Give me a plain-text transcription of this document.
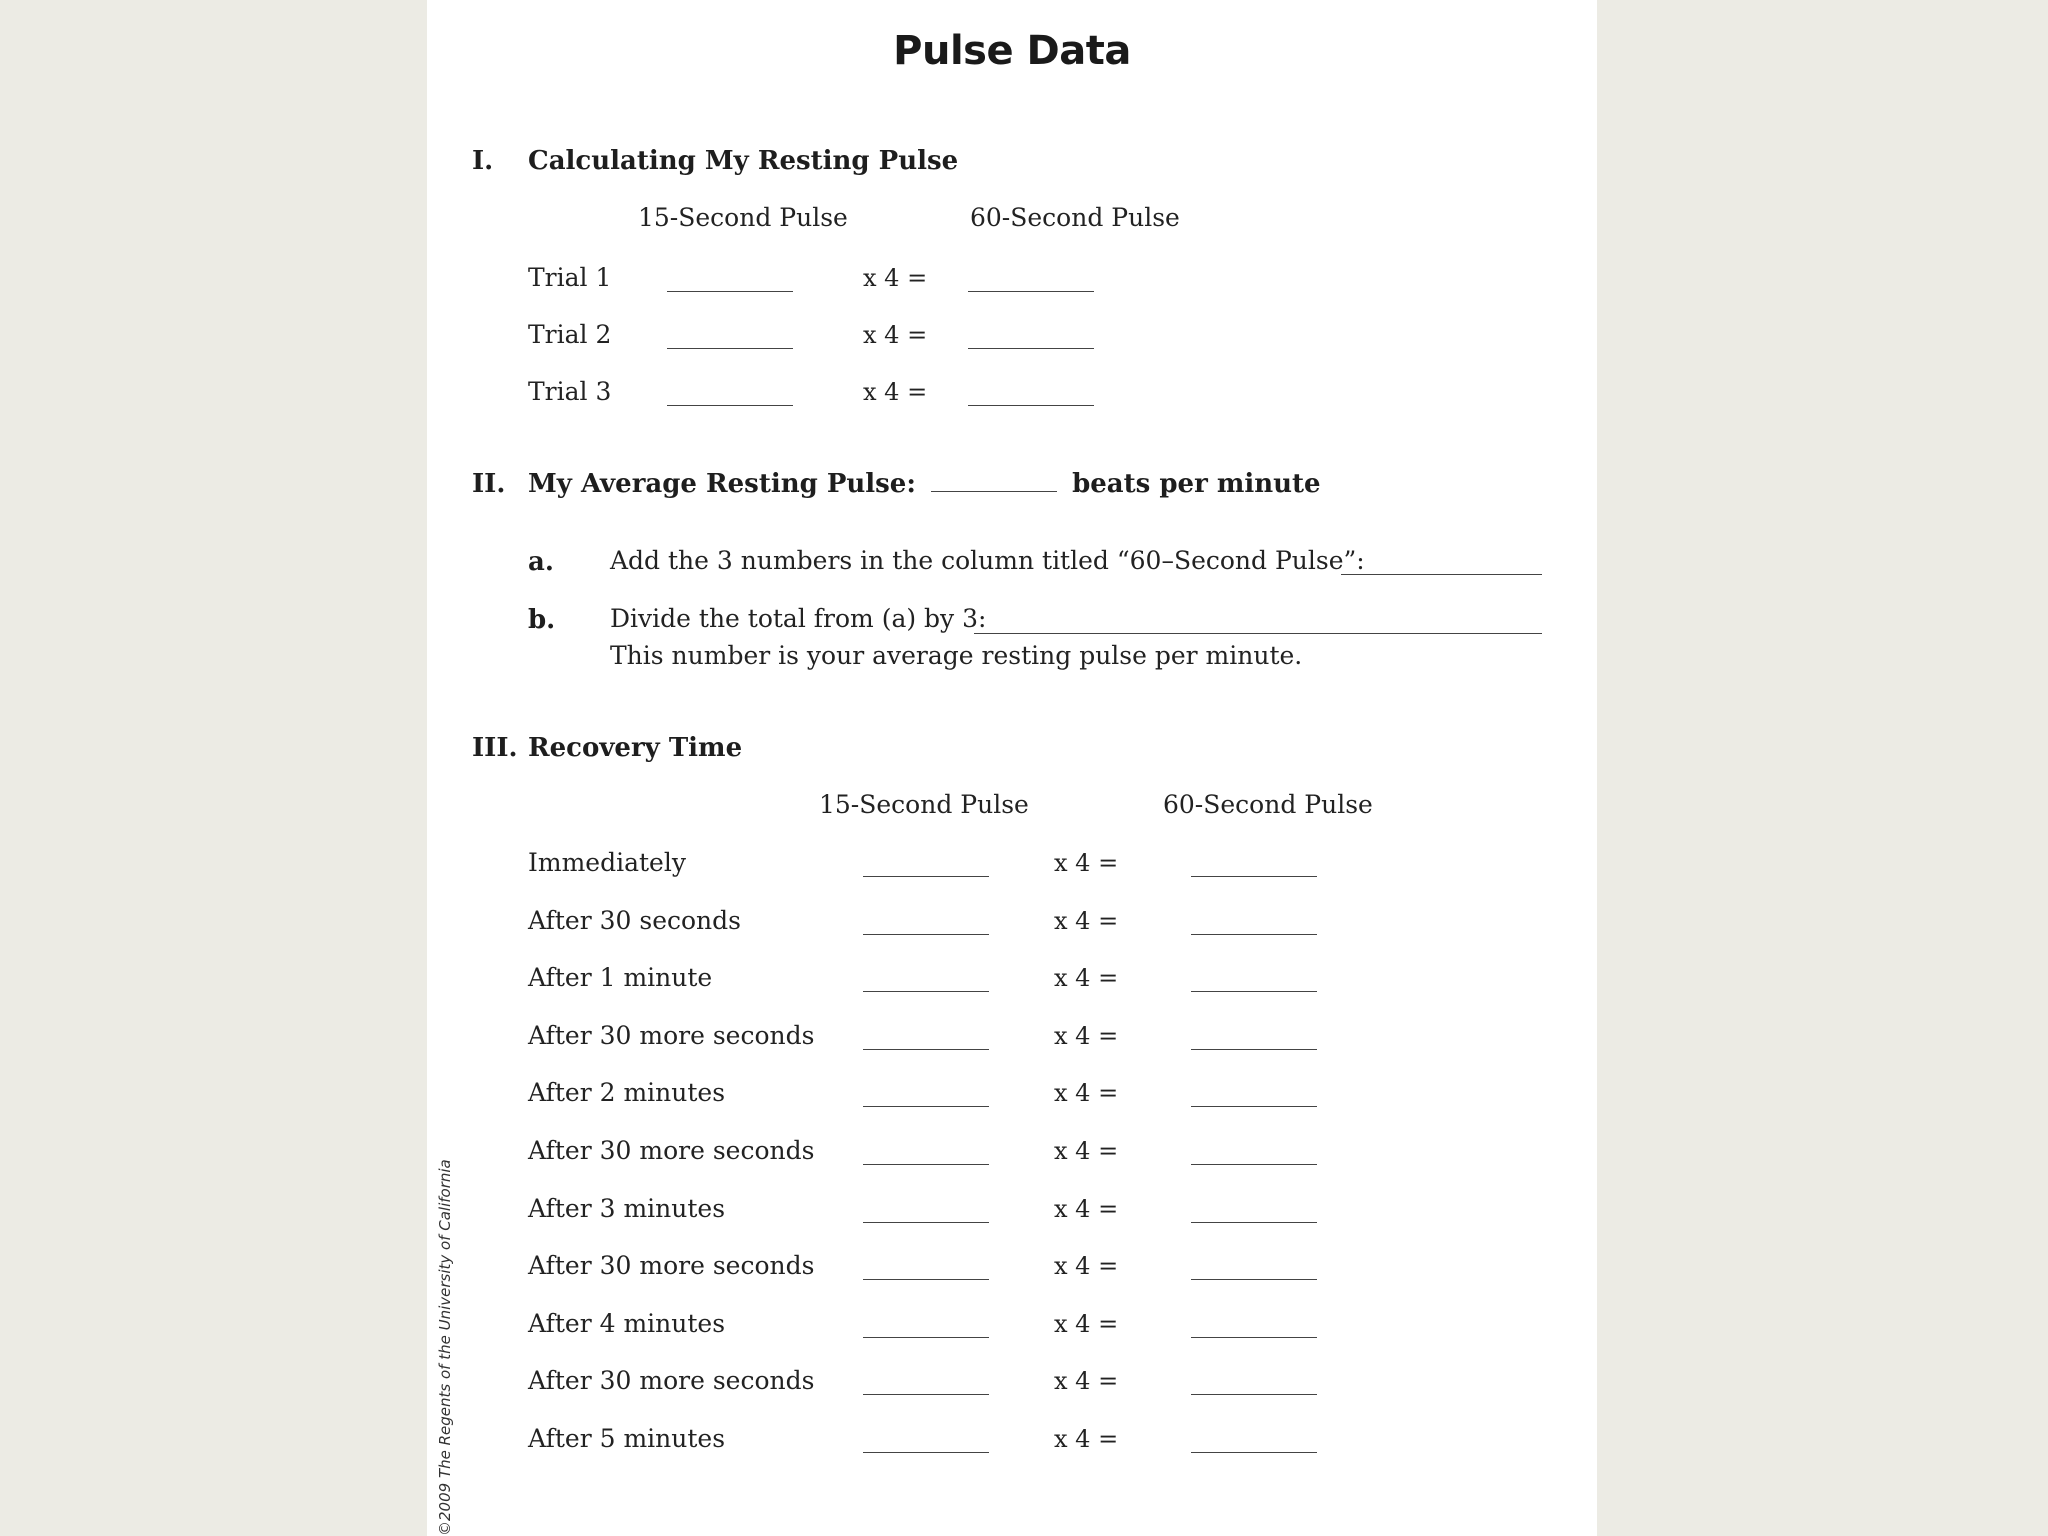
Pulse Data
I. Calculating My Resting Pulse
15-Second Pulse	60-Second Pulse
Trial 1	x 4 =
Trial 2	x 4 =
Trial 3	x 4 =
II. My Average Resting Pulse:	beats per minute
a. Add the 3 numbers in the column titled “60–Second Pulse”:
b. Divide the total from (a) by 3:
This number is your average resting pulse per minute.
III. Recovery Time
15-Second Pulse	60-Second Pulse
Immediately	x 4 =
After 30 seconds	x 4 =
After 1 minute	x 4 =
After 30 more seconds	x 4 =
After 2 minutes	x 4 =
After 30 more seconds	x 4 =
After 3 minutes	x 4 =
After 30 more seconds	x 4 =
After 4 minutes	x 4 =
After 30 more seconds	x 4 =
After 5 minutes	x 4 =
©2009 The Regents of the University of California
